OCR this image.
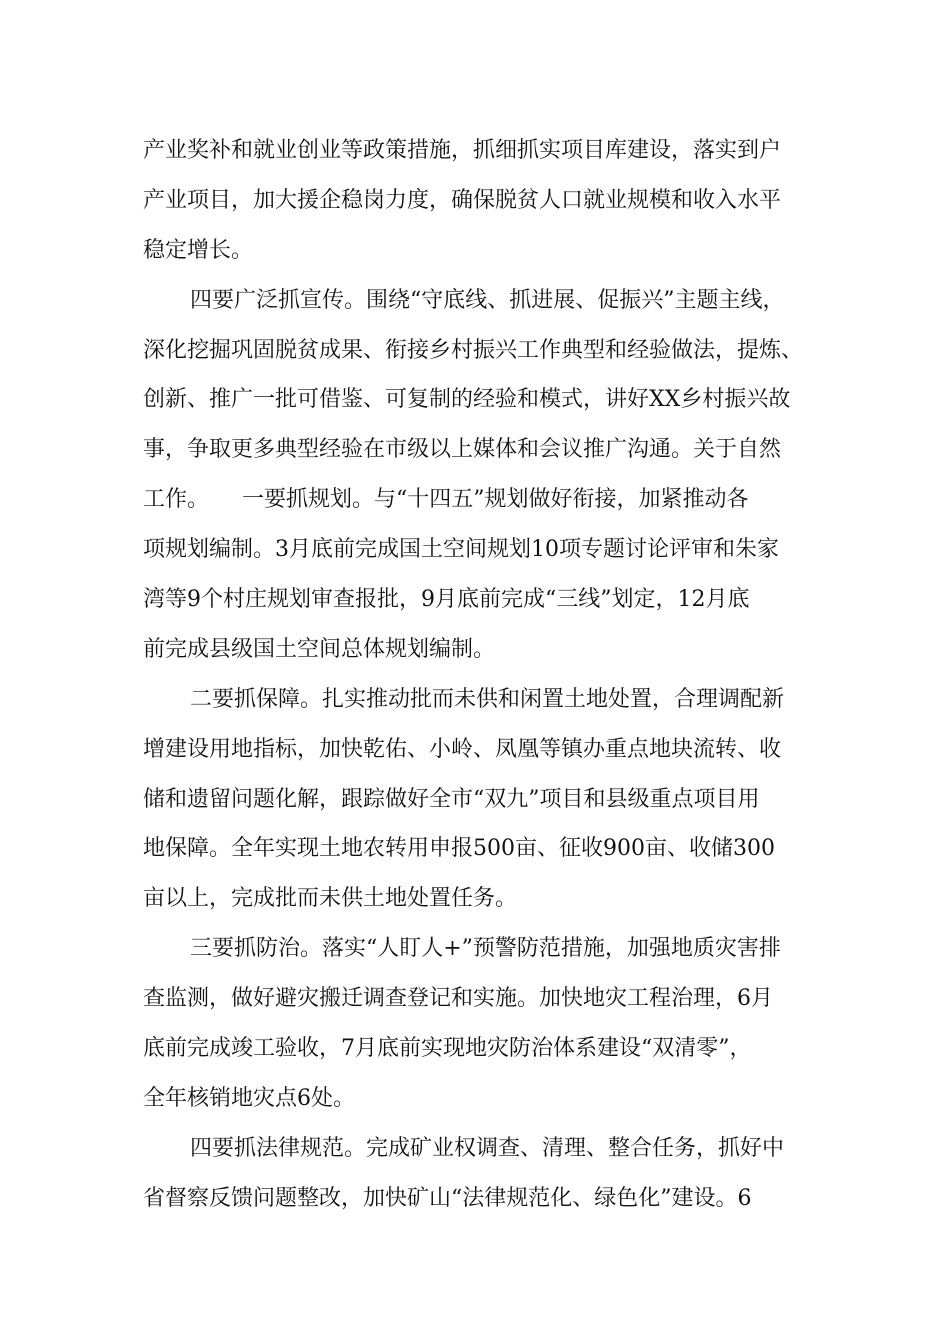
产业奖补和就业创业等政策措施，抓细抓实项目库建设，落实到户
产业项目，加大援企稳岗力度，确保脱贫人口就业规模和收入水平
稳定增长。
四要广泛抓宣传。围绕“守底线、抓进展、促振兴”主题主线，
深化挖掘巩固脱贫成果、衔接乡村振兴工作典型和经验做法，提炼、
创新、推广一批可借鉴、可复制的经验和模式，讲好XX乡村振兴故
事，争取更多典型经验在市级以上媒体和会议推广沟通。关于自然
工作。　　一要抓规划。与“十四五”规划做好衔接，加紧推动各
项规划编制。3月底前完成国土空间规划10项专题讨论评审和朱家
湾等9个村庄规划审查报批，9月底前完成“三线”划定，12月底
前完成县级国土空间总体规划编制。
二要抓保障。扎实推动批而未供和闲置土地处置，合理调配新
增建设用地指标，加快乾佑、小岭、凤凰等镇办重点地块流转、收
储和遗留问题化解，跟踪做好全市“双九”项目和县级重点项目用
地保障。全年实现土地农转用申报500亩、征收900亩、收储300
亩以上，完成批而未供土地处置任务。
三要抓防治。落实“人盯人+”预警防范措施，加强地质灾害排
查监测，做好避灾搬迁调查登记和实施。加快地灾工程治理，6月
底前完成竣工验收，7月底前实现地灾防治体系建设“双清零”，
全年核销地灾点6处。
四要抓法律规范。完成矿业权调查、清理、整合任务，抓好中
省督察反馈问题整改，加快矿山“法律规范化、绿色化”建设。6
